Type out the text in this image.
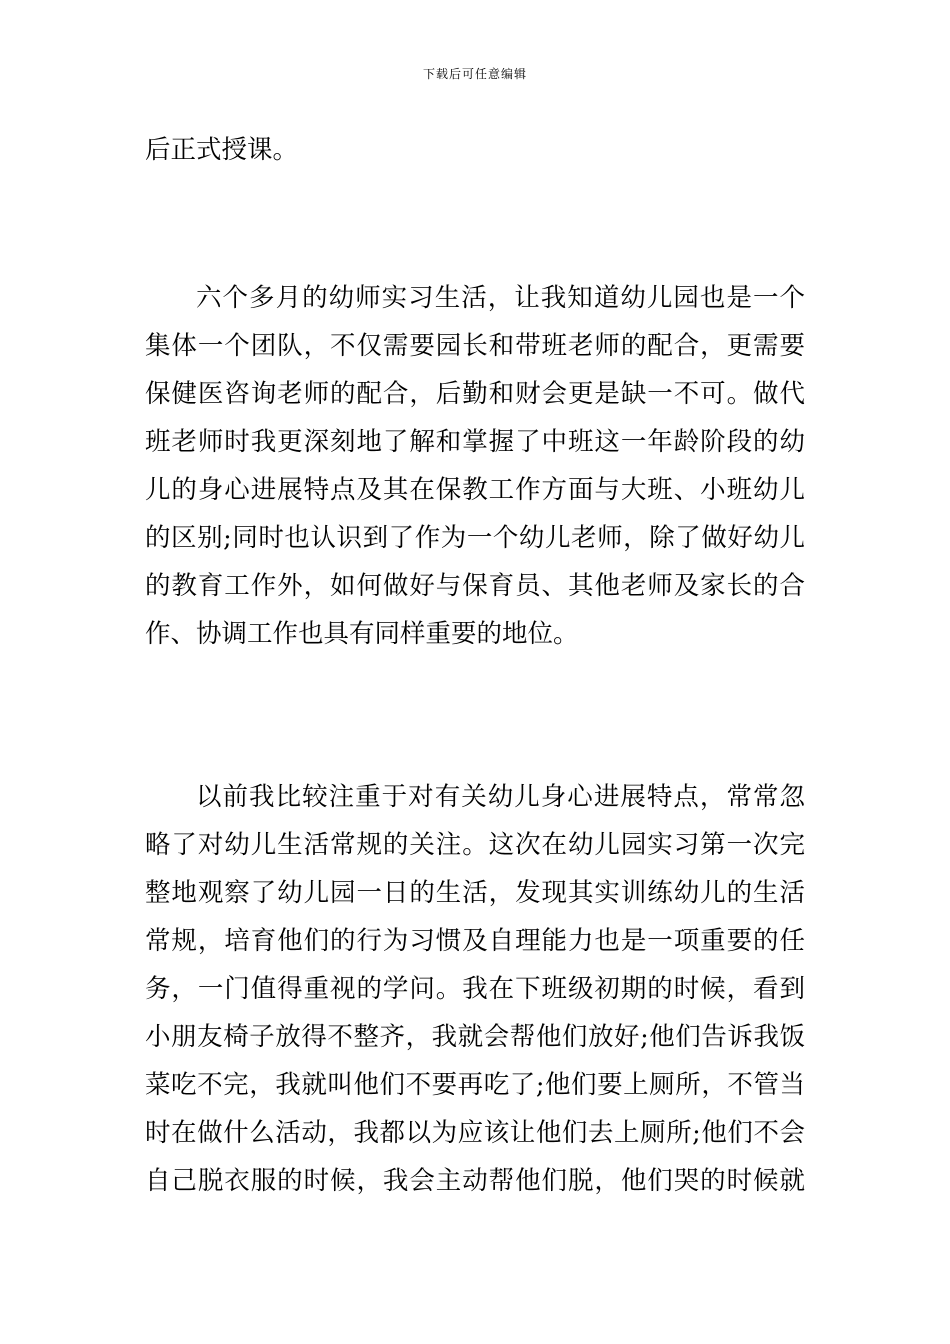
下载后可任意编辑
后正式授课。
六个多月的幼师实习生活，让我知道幼儿园也是一个
集体一个团队，不仅需要园长和带班老师的配合，更需要
保健医咨询老师的配合，后勤和财会更是缺一不可。做代
班老师时我更深刻地了解和掌握了中班这一年龄阶段的幼
儿的身心进展特点及其在保教工作方面与大班、小班幼儿
的区别;同时也认识到了作为一个幼儿老师，除了做好幼儿
的教育工作外，如何做好与保育员、其他老师及家长的合
作、协调工作也具有同样重要的地位。
以前我比较注重于对有关幼儿身心进展特点，常常忽
略了对幼儿生活常规的关注。这次在幼儿园实习第一次完
整地观察了幼儿园一日的生活，发现其实训练幼儿的生活
常规，培育他们的行为习惯及自理能力也是一项重要的任
务，一门值得重视的学问。我在下班级初期的时候，看到
小朋友椅子放得不整齐，我就会帮他们放好;他们告诉我饭
菜吃不完，我就叫他们不要再吃了;他们要上厕所，不管当
时在做什么活动，我都以为应该让他们去上厕所;他们不会
自己脱衣服的时候，我会主动帮他们脱，他们哭的时候就
